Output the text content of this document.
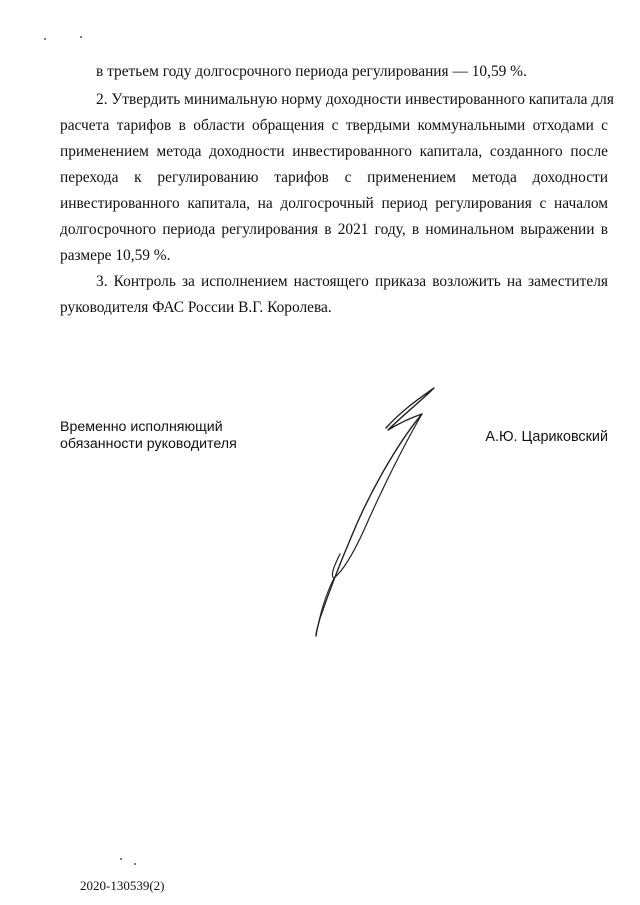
в третьем году долгосрочного периода регулирования — 10,59 %.
2. Утвердить минимальную норму доходности инвестированного капитала для
расчета тарифов в области обращения с твердыми коммунальными отходами с
применением метода доходности инвестированного капитала, созданного после
перехода к регулированию тарифов с применением метода доходности
инвестированного капитала, на долгосрочный период регулирования с началом
долгосрочного периода регулирования в 2021 году, в номинальном выражении в
размере 10,59 %.
3. Контроль за исполнением настоящего приказа возложить на заместителя
руководителя ФАС России В.Г. Королева.
Временно исполняющий
обязанности руководителя	А.Ю. Цариковский
2020-130539(2)
